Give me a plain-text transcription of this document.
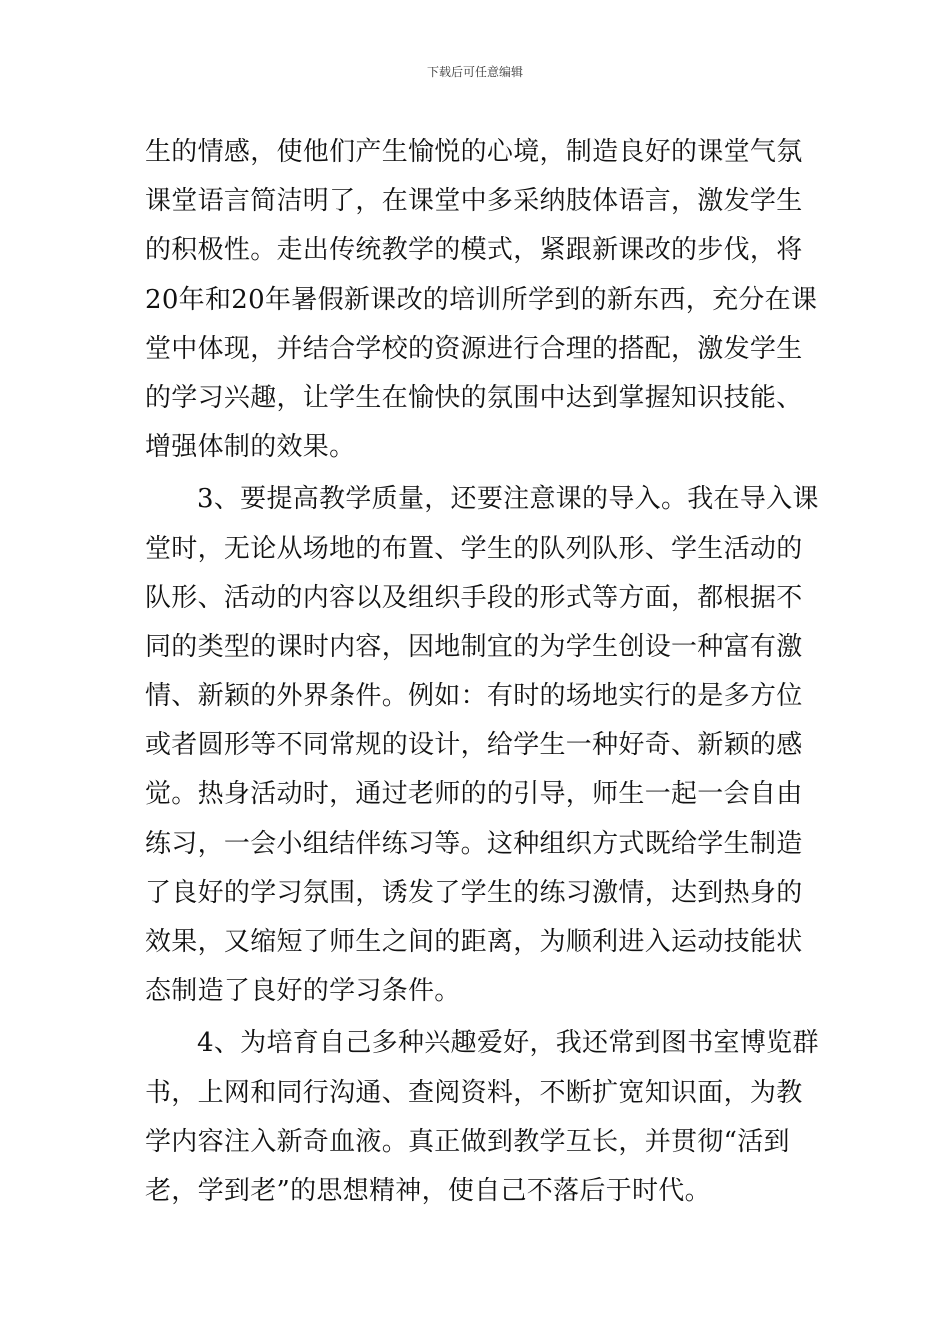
下载后可任意编辑
生的情感，使他们产生愉悦的心境，制造良好的课堂气氛
课堂语言简洁明了，在课堂中多采纳肢体语言，激发学生
的积极性。走出传统教学的模式，紧跟新课改的步伐，将
20年和20年暑假新课改的培训所学到的新东西，充分在课
堂中体现，并结合学校的资源进行合理的搭配，激发学生
的学习兴趣，让学生在愉快的氛围中达到掌握知识技能、
增强体制的效果。
3、要提高教学质量，还要注意课的导入。我在导入课
堂时，无论从场地的布置、学生的队列队形、学生活动的
队形、活动的内容以及组织手段的形式等方面，都根据不
同的类型的课时内容，因地制宜的为学生创设一种富有激
情、新颖的外界条件。例如：有时的场地实行的是多方位
或者圆形等不同常规的设计，给学生一种好奇、新颖的感
觉。热身活动时，通过老师的的引导，师生一起一会自由
练习，一会小组结伴练习等。这种组织方式既给学生制造
了良好的学习氛围，诱发了学生的练习激情，达到热身的
效果，又缩短了师生之间的距离，为顺利进入运动技能状
态制造了良好的学习条件。
4、为培育自己多种兴趣爱好，我还常到图书室博览群
书，上网和同行沟通、查阅资料，不断扩宽知识面，为教
学内容注入新奇血液。真正做到教学互长，并贯彻“活到
老，学到老”的思想精神，使自己不落后于时代。
